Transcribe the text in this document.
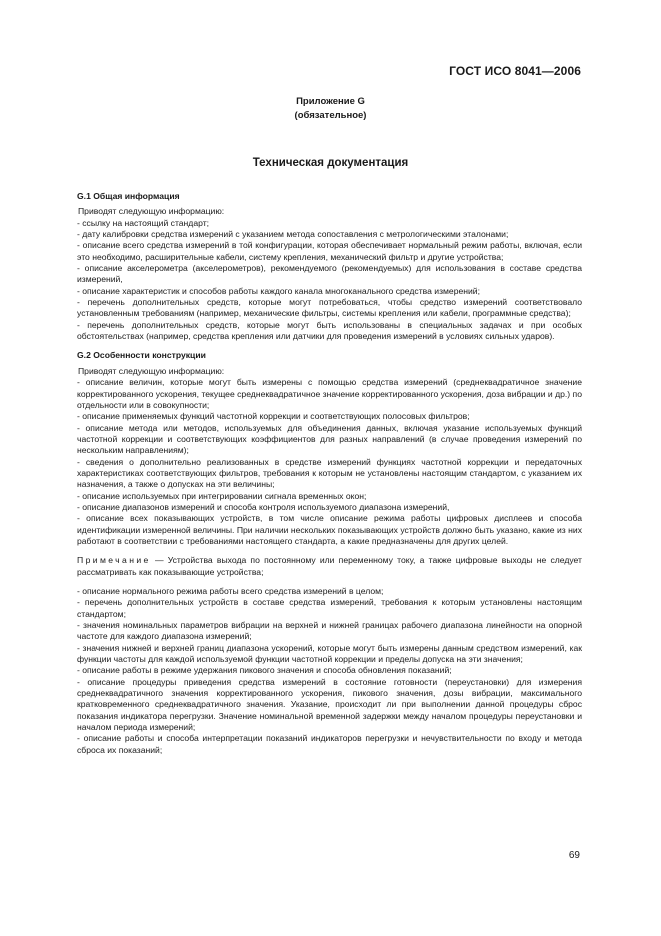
ГОСТ ИСО 8041—2006
Приложение G
(обязательное)
Техническая документация
G.1 Общая информация

Приводят следующую информацию:

- ссылку на настоящий стандарт;

- дату калибровки средства измерений с указанием метода сопоставления с метрологическими эталонами;

- описание всего средства измерений в той конфигурации, которая обеспечивает нормальный режим работы, включая, если это необходимо, расширительные кабели, систему крепления, механический фильтр и другие устройства;

- описание акселерометра (акселерометров), рекомендуемого (рекомендуемых) для использования в составе средства измерений,

- описание характеристик и способов работы каждого канала многоканального средства измерений;

- перечень дополнительных средств, которые могут потребоваться, чтобы средство измерений соответствовало установленным требованиям (например, механические фильтры, системы крепления или кабели, программные средства);

- перечень дополнительных средств, которые могут быть использованы в специальных задачах и при особых обстоятельствах (например, средства крепления или датчики для проведения измерений в условиях сильных ударов).

G.2 Особенности конструкции

Приводят следующую информацию:

- описание величин, которые могут быть измерены с помощью средства измерений (среднеквадратичное значение корректированного ускорения, текущее среднеквадратичное значение корректированного ускорения, доза вибрации и др.) по отдельности или в совокупности;

- описание применяемых функций частотной коррекции и соответствующих полосовых фильтров;

- описание метода или методов, используемых для объединения данных, включая указание используемых функций частотной коррекции и соответствующих коэффициентов для разных направлений (в случае проведения измерений по нескольким направлениям);

- сведения о дополнительно реализованных в средстве измерений функциях частотной коррекции и передаточных характеристиках соответствующих фильтров, требования к которым не установлены настоящим стандартом, с указанием их назначения, а также о допусках на эти величины;

- описание используемых при интегрировании сигнала временных окон;

- описание диапазонов измерений и способа контроля используемого диапазона измерений,

- описание всех показывающих устройств, в том числе описание режима работы цифровых дисплеев и способа идентификации измеренной величины. При наличии нескольких показывающих устройств должно быть указано, какие из них работают в соответствии с требованиями настоящего стандарта, а какие предназначены для других целей.

Примечание — Устройства выхода по постоянному или переменному току, а также цифровые выходы не следует рассматривать как показывающие устройства;

- описание нормального режима работы всего средства измерений в целом;

- перечень дополнительных устройств в составе средства измерений, требования к которым установлены настоящим стандартом;

- значения номинальных параметров вибрации на верхней и нижней границах рабочего диапазона линейности на опорной частоте для каждого диапазона измерений;

- значения нижней и верхней границ диапазона ускорений, которые могут быть измерены данным средством измерений, как функции частоты для каждой используемой функции частотной коррекции и пределы допуска на эти значения;

- описание работы в режиме удержания пикового значения и способа обновления показаний;

- описание процедуры приведения средства измерений в состояние готовности (переустановки) для измерения среднеквадратичного значения корректированного ускорения, пикового значения, дозы вибрации, максимального кратковременного среднеквадратичного значения. Указание, происходит ли при выполнении данной процедуры сброс показания индикатора перегрузки. Значение номинальной временной задержки между началом процедуры переустановки и началом периода измерений;

- описание работы и способа интерпретации показаний индикаторов перегрузки и нечувствительности по входу и метода сброса их показаний;

69
